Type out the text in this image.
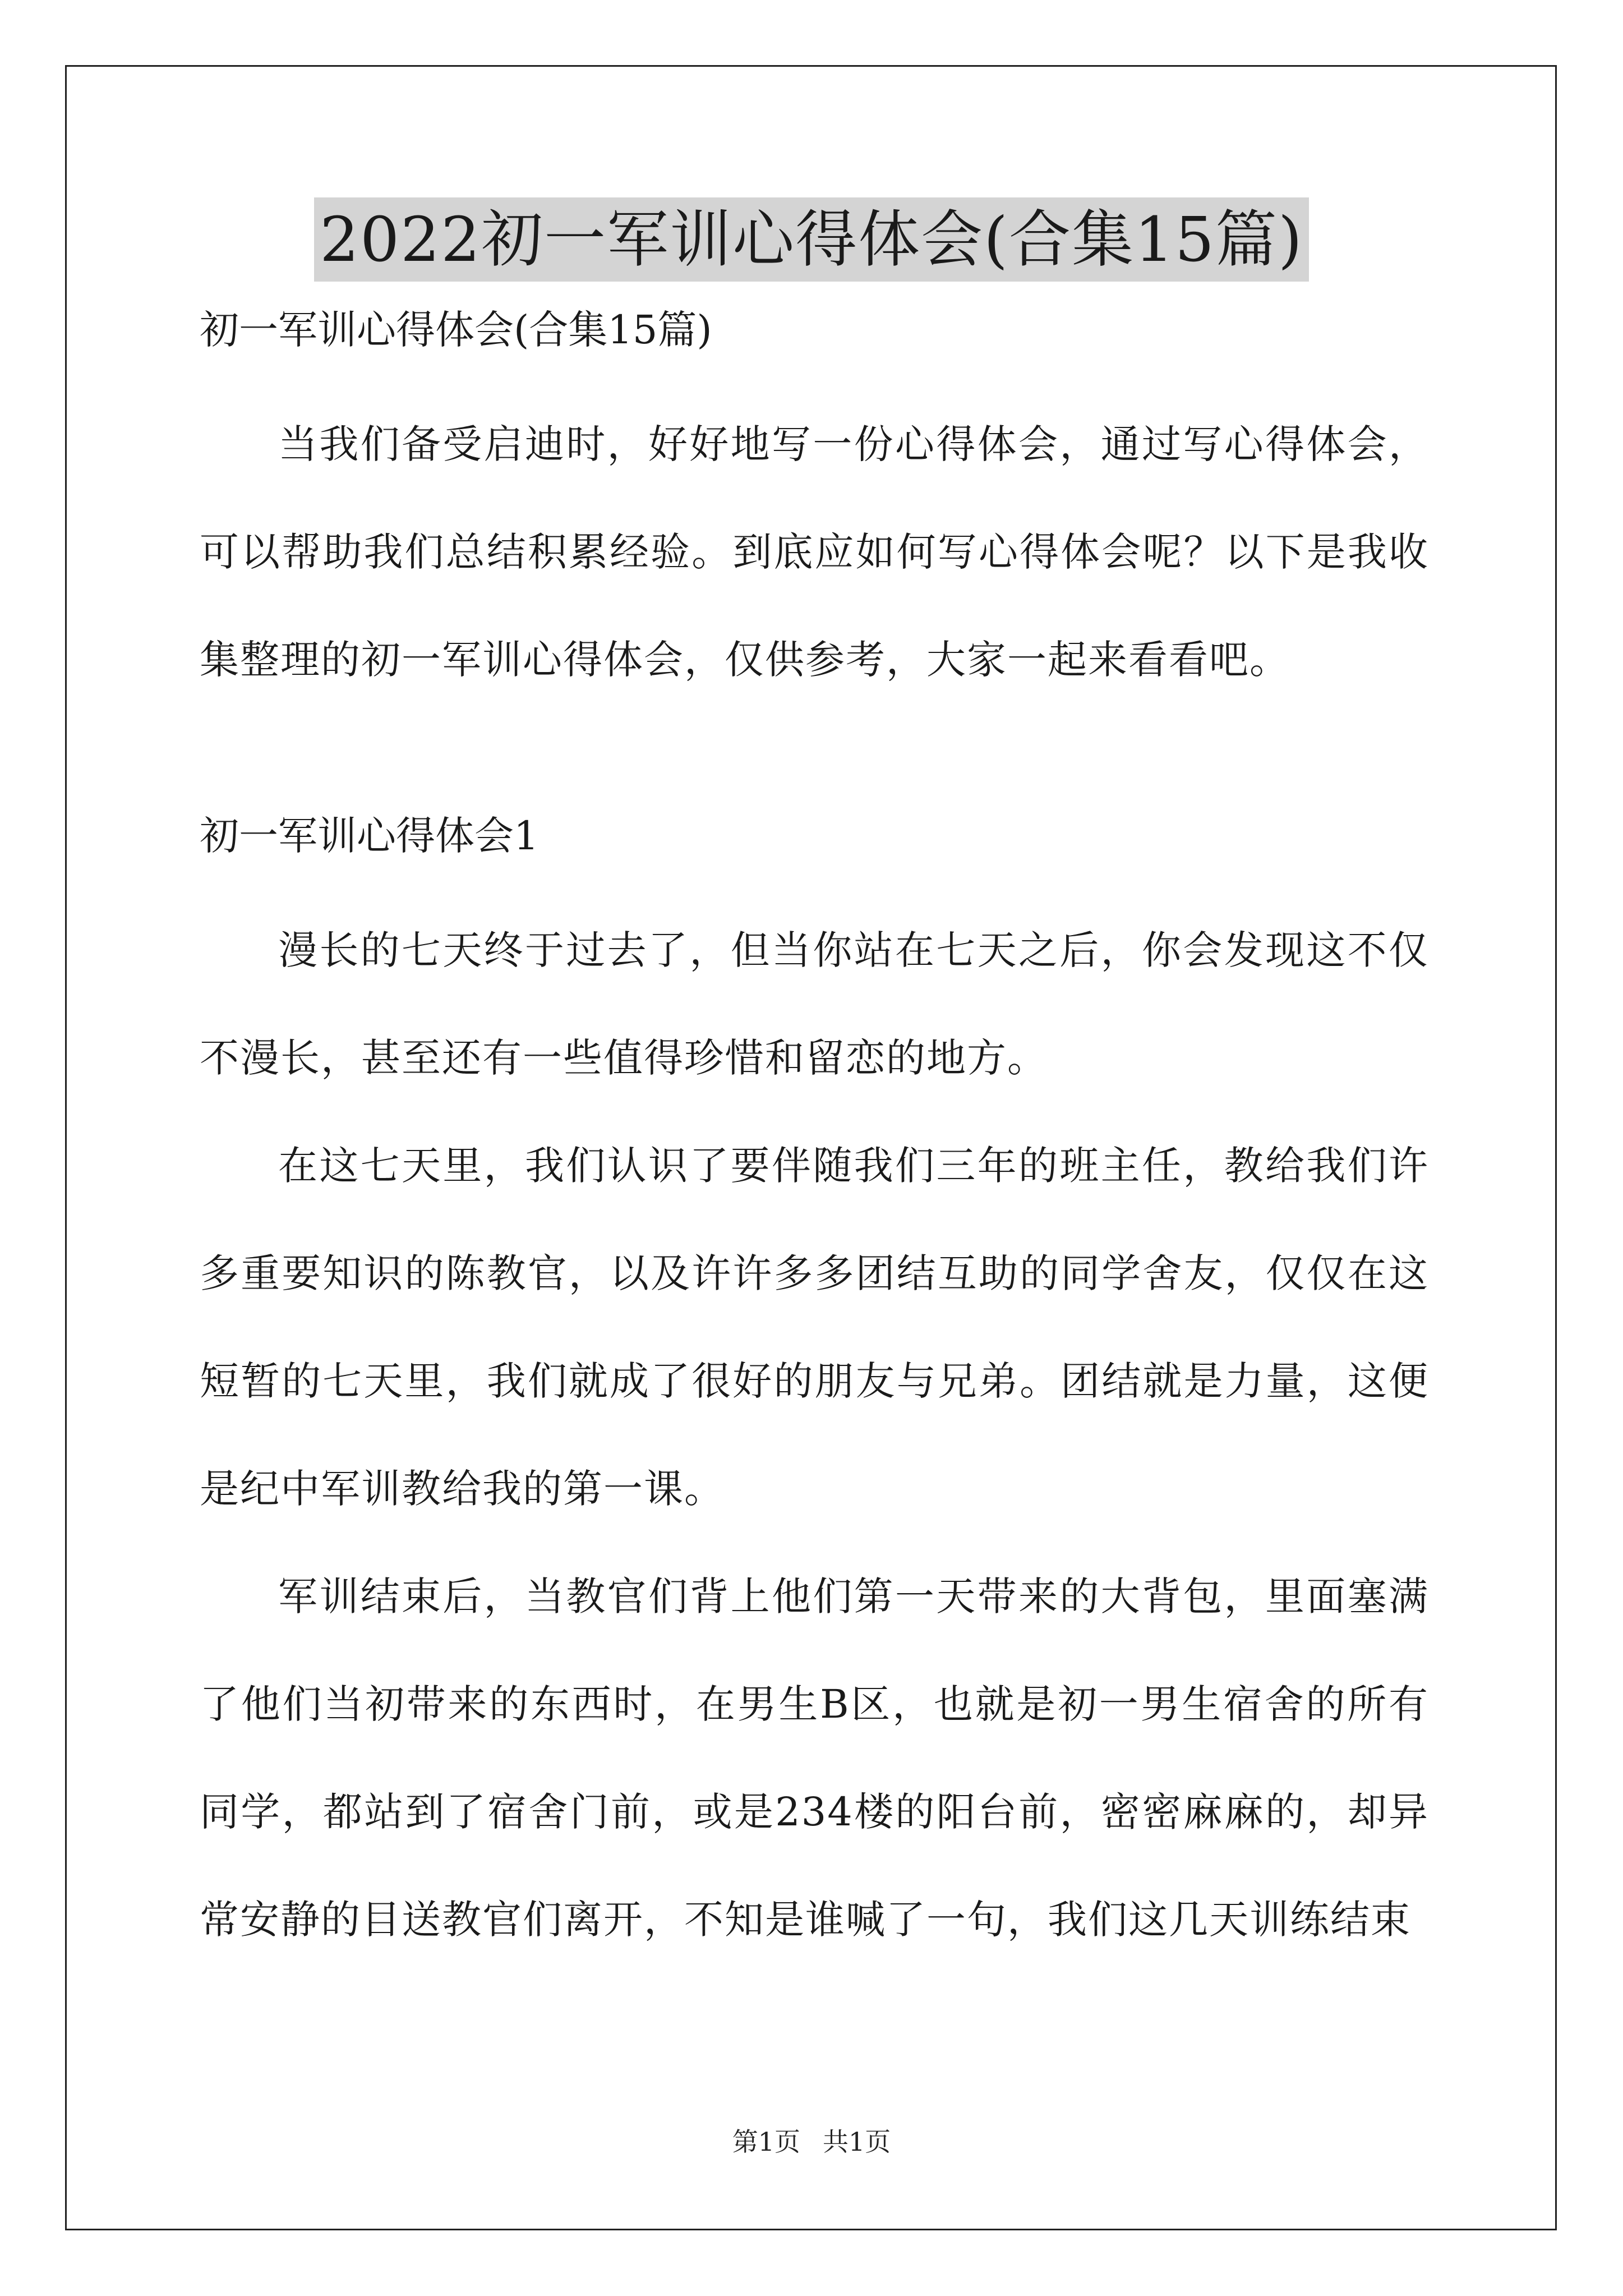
2022初一军训心得体会(合集15篇)

初一军训心得体会(合集15篇)

当我们备受启迪时，好好地写一份心得体会，通过写心得体会，可以帮助我们总结积累经验。到底应如何写心得体会呢？以下是我收集整理的初一军训心得体会，仅供参考，大家一起来看看吧。

初一军训心得体会1

漫长的七天终于过去了，但当你站在七天之后，你会发现这不仅不漫长，甚至还有一些值得珍惜和留恋的地方。

在这七天里，我们认识了要伴随我们三年的班主任，教给我们许多重要知识的陈教官，以及许许多多团结互助的同学舍友，仅仅在这短暂的七天里，我们就成了很好的朋友与兄弟。团结就是力量，这便是纪中军训教给我的第一课。

军训结束后，当教官们背上他们第一天带来的大背包，里面塞满了他们当初带来的东西时，在男生B区，也就是初一男生宿舍的所有同学，都站到了宿舍门前，或是234楼的阳台前，密密麻麻的，却异常安静的目送教官们离开，不知是谁喊了一句，我们这几天训练结束

第1页 共1页
